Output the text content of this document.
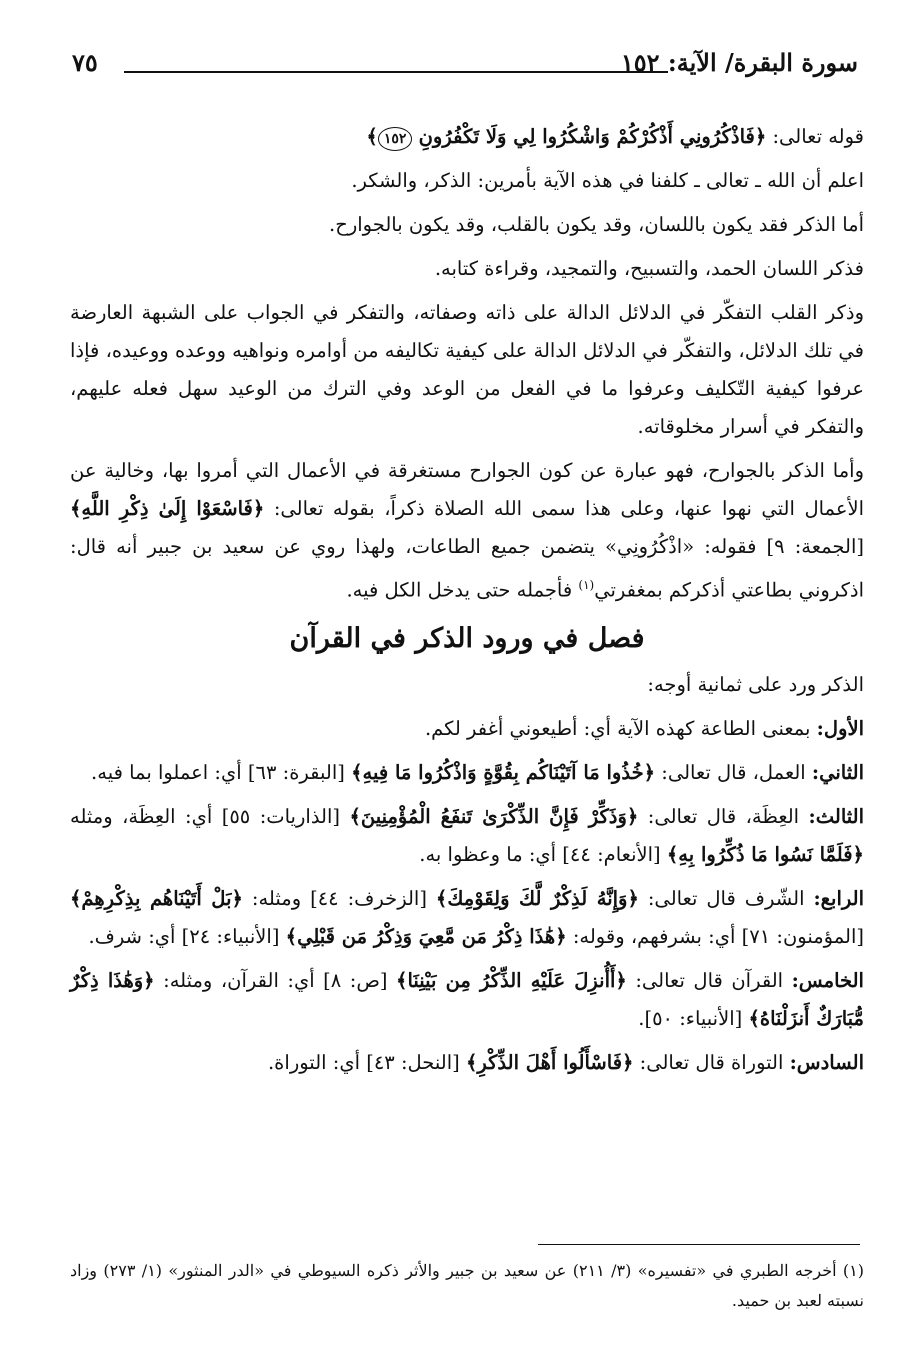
سورة البقرة/ الآية: ١٥٢
٧٥

قوله تعالى: ﴿فَاذْكُرُونِي أَذْكُرْكُمْ وَاشْكُرُوا لِي وَلَا تَكْفُرُونِ ١٥٢﴾

اعلم أن الله ـ تعالى ـ كلفنا في هذه الآية بأمرين: الذكر، والشكر.

أما الذكر فقد يكون باللسان، وقد يكون بالقلب، وقد يكون بالجوارح.

فذكر اللسان الحمد، والتسبيح، والتمجيد، وقراءة كتابه.

وذكر القلب التفكّر في الدلائل الدالة على ذاته وصفاته، والتفكر في الجواب على الشبهة العارضة في تلك الدلائل، والتفكّر في الدلائل الدالة على كيفية تكاليفه من أوامره ونواهيه ووعده ووعيده، فإذا عرفوا كيفية التّكليف وعرفوا ما في الفعل من الوعد وفي الترك من الوعيد سهل فعله عليهم، والتفكر في أسرار مخلوقاته.

وأما الذكر بالجوارح، فهو عبارة عن كون الجوارح مستغرقة في الأعمال التي أمروا بها، وخالية عن الأعمال التي نهوا عنها، وعلى هذا سمى الله الصلاة ذكراً، بقوله تعالى: ﴿فَاسْعَوْا إِلَىٰ ذِكْرِ اللَّهِ﴾ [الجمعة: ٩] فقوله: «اذْكُرُونِي» يتضمن جميع الطاعات، ولهذا روي عن سعيد بن جبير أنه قال: اذكروني بطاعتي أذكركم بمغفرتي$^{(١)}$ فأجمله حتى يدخل الكل فيه.

فصل في ورود الذكر في القرآن

الذكر ورد على ثمانية أوجه:

الأول: بمعنى الطاعة كهذه الآية أي: أطيعوني أغفر لكم.

الثاني: العمل، قال تعالى: ﴿خُذُوا مَا آتَيْنَاكُم بِقُوَّةٍ وَاذْكُرُوا مَا فِيهِ﴾ [البقرة: ٦٣] أي: اعملوا بما فيه.

الثالث: العِظَة، قال تعالى: ﴿وَذَكِّرْ فَإِنَّ الذِّكْرَىٰ تَنفَعُ الْمُؤْمِنِينَ﴾ [الذاريات: ٥٥] أي: العِظَة، ومثله ﴿فَلَمَّا نَسُوا مَا ذُكِّرُوا بِهِ﴾ [الأنعام: ٤٤] أي: ما وعظوا به.

الرابع: الشّرف قال تعالى: ﴿وَإِنَّهُ لَذِكْرٌ لَّكَ وَلِقَوْمِكَ﴾ [الزخرف: ٤٤] ومثله: ﴿بَلْ أَتَيْنَاهُم بِذِكْرِهِمْ﴾ [المؤمنون: ٧١] أي: بشرفهم، وقوله: ﴿هَٰذَا ذِكْرُ مَن مَّعِيَ وَذِكْرُ مَن قَبْلِي﴾ [الأنبياء: ٢٤] أي: شرف.

الخامس: القرآن قال تعالى: ﴿أَأُنزِلَ عَلَيْهِ الذِّكْرُ مِن بَيْنِنَا﴾ [ص: ٨] أي: القرآن، ومثله: ﴿وَهَٰذَا ذِكْرٌ مُّبَارَكٌ أَنزَلْنَاهُ﴾ [الأنبياء: ٥٠].

السادس: التوراة قال تعالى: ﴿فَاسْأَلُوا أَهْلَ الذِّكْرِ﴾ [النحل: ٤٣] أي: التوراة.

(١) أخرجه الطبري في «تفسيره» (٣/ ٢١١) عن سعيد بن جبير والأثر ذكره السيوطي في «الدر المنثور» (١/ ٢٧٣) وزاد نسبته لعبد بن حميد.
